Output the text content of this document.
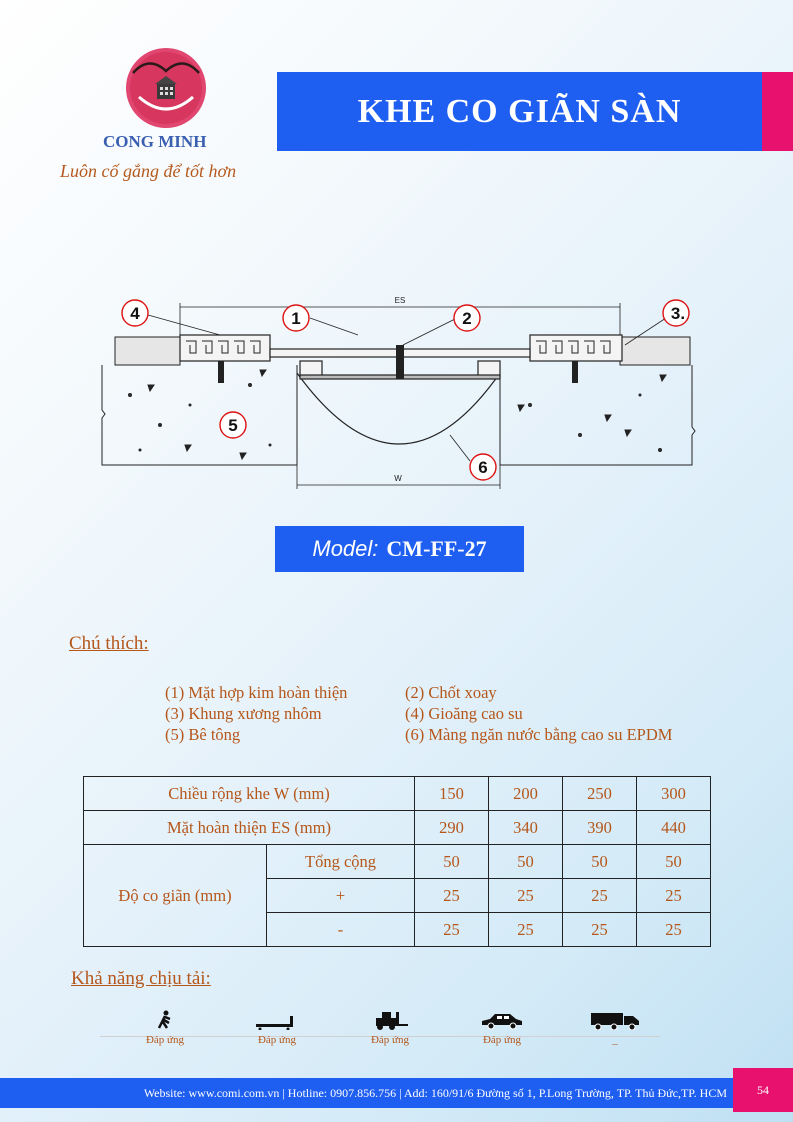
CONG MINH
Luôn cố gắng để tốt hơn
KHE CO GIÃN SÀN
ES
W
4	1	2	3.
5
6
Model: CM-FF-27
Chú thích:
(1) Mặt hợp kim hoàn thiện	(2) Chốt xoay
(3) Khung xương nhôm	(4) Gioăng cao su
(5) Bê tông	(6) Màng ngăn nước bằng cao su EPDM
Chiều rộng khe W (mm)		150	200	250	300
Mặt hoàn thiện ES (mm)		290	340	390	440
Độ co giãn (mm)	Tổng cộng	50	50	50	50
	+	25	25	25	25
	-	25	25	25	25
Khả năng chịu tải:
Đáp ứng	Đáp ứng	Đáp ứng	Đáp ứng	_
Website: www.comi.com.vn | Hotline: 0907.856.756 | Add: 160/91/6 Đường số 1, P.Long Trường, TP. Thủ Đức,TP. HCM	54
